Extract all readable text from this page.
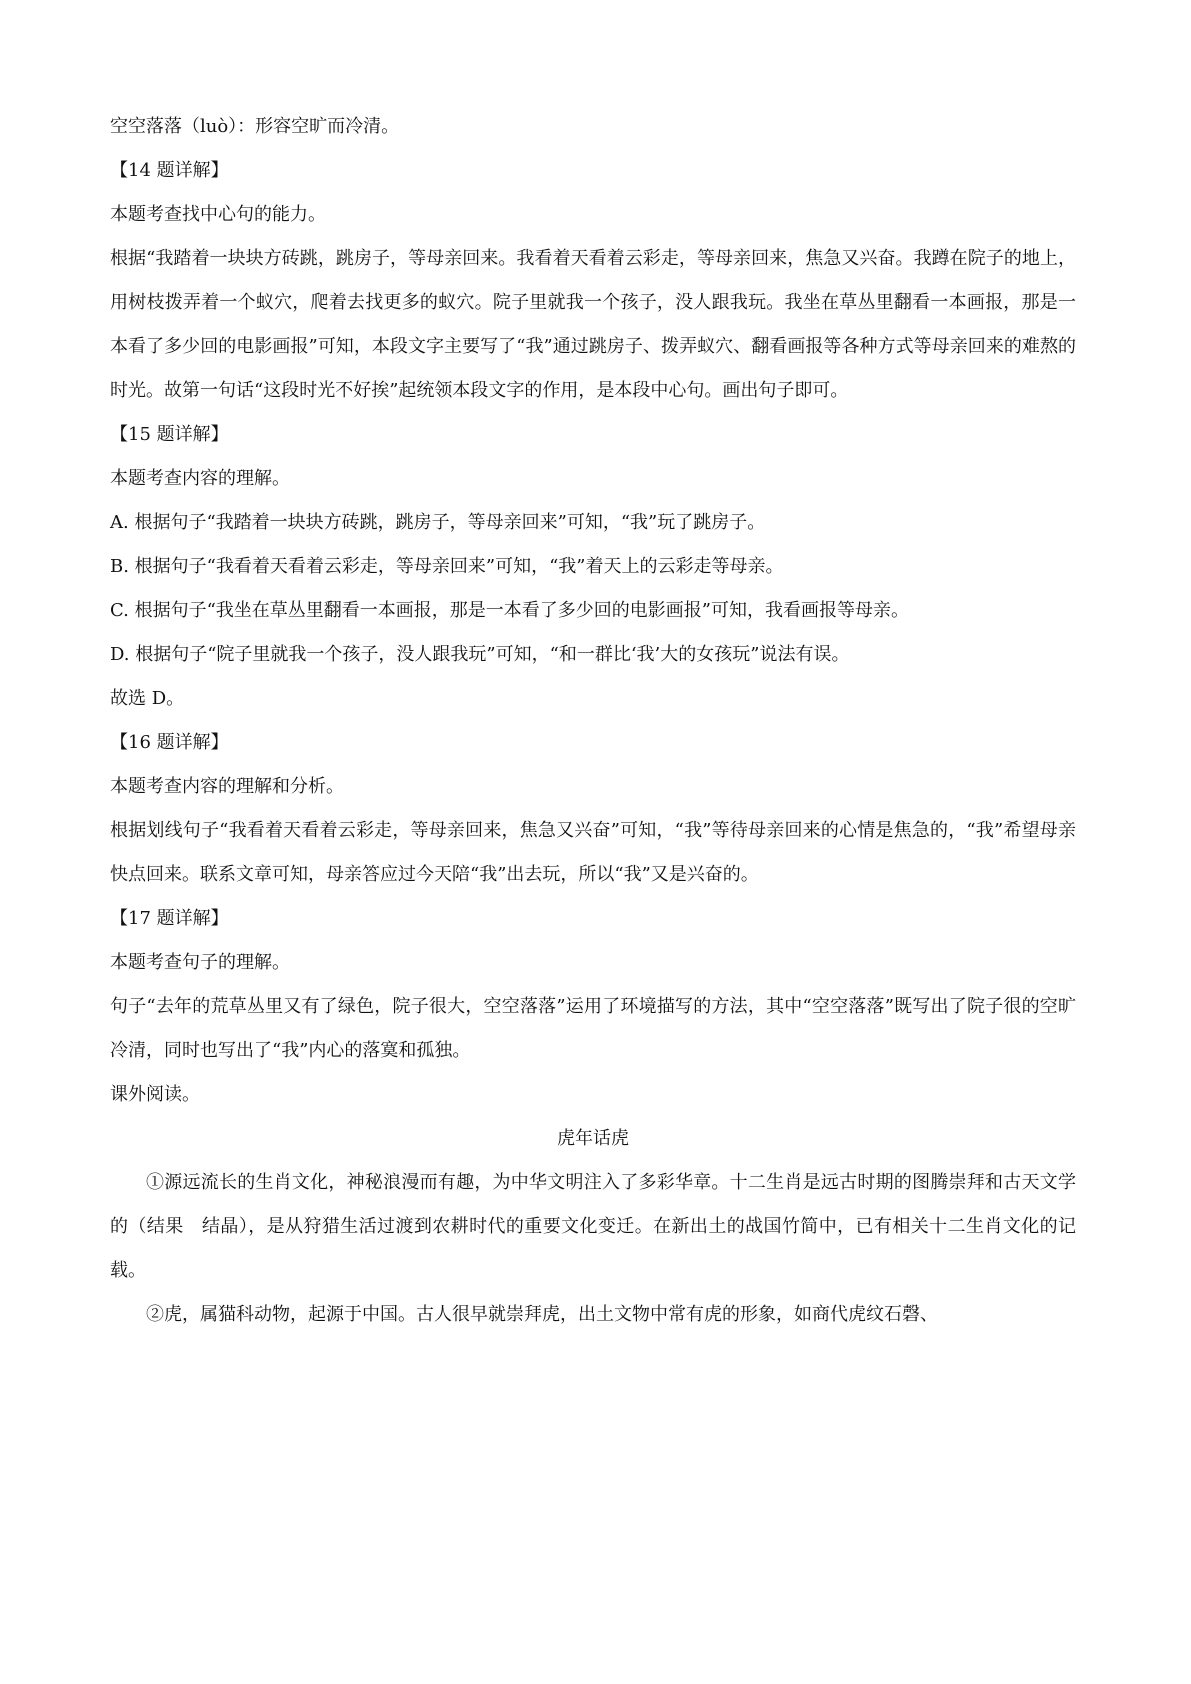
空空落落（luò）：形容空旷而冷清。

【14 题详解】

本题考查找中心句的能力。

根据“我踏着一块块方砖跳，跳房子，等母亲回来。我看着天看着云彩走，等母亲回来，焦急又兴奋。我蹲在院子的地上，用树枝拨弄着一个蚁穴，爬着去找更多的蚁穴。院子里就我一个孩子，没人跟我玩。我坐在草丛里翻看一本画报，那是一本看了多少回的电影画报”可知，本段文字主要写了“我”通过跳房子、拨弄蚁穴、翻看画报等各种方式等母亲回来的难熬的时光。故第一句话“这段时光不好挨”起统领本段文字的作用，是本段中心句。画出句子即可。

【15 题详解】

本题考查内容的理解。

A. 根据句子“我踏着一块块方砖跳，跳房子，等母亲回来”可知，“我”玩了跳房子。

B. 根据句子“我看着天看着云彩走，等母亲回来”可知，“我”着天上的云彩走等母亲。

C. 根据句子“我坐在草丛里翻看一本画报，那是一本看了多少回的电影画报”可知，我看画报等母亲。

D. 根据句子“院子里就我一个孩子，没人跟我玩”可知，“和一群比‘我’大的女孩玩”说法有误。

故选 D。

【16 题详解】

本题考查内容的理解和分析。

根据划线句子“我看着天看着云彩走，等母亲回来，焦急又兴奋”可知，“我”等待母亲回来的心情是焦急的，“我”希望母亲快点回来。联系文章可知，母亲答应过今天陪“我”出去玩，所以“我”又是兴奋的。

【17 题详解】

本题考查句子的理解。

句子“去年的荒草丛里又有了绿色，院子很大，空空落落”运用了环境描写的方法，其中“空空落落”既写出了院子很的空旷冷清，同时也写出了“我”内心的落寞和孤独。

课外阅读。

虎年话虎

①源远流长的生肖文化，神秘浪漫而有趣，为中华文明注入了多彩华章。十二生肖是远古时期的图腾崇拜和古天文学的（结果　结晶），是从狩猎生活过渡到农耕时代的重要文化变迁。在新出土的战国竹简中，已有相关十二生肖文化的记载。

②虎，属猫科动物，起源于中国。古人很早就崇拜虎，出土文物中常有虎的形象，如商代虎纹石磬、
